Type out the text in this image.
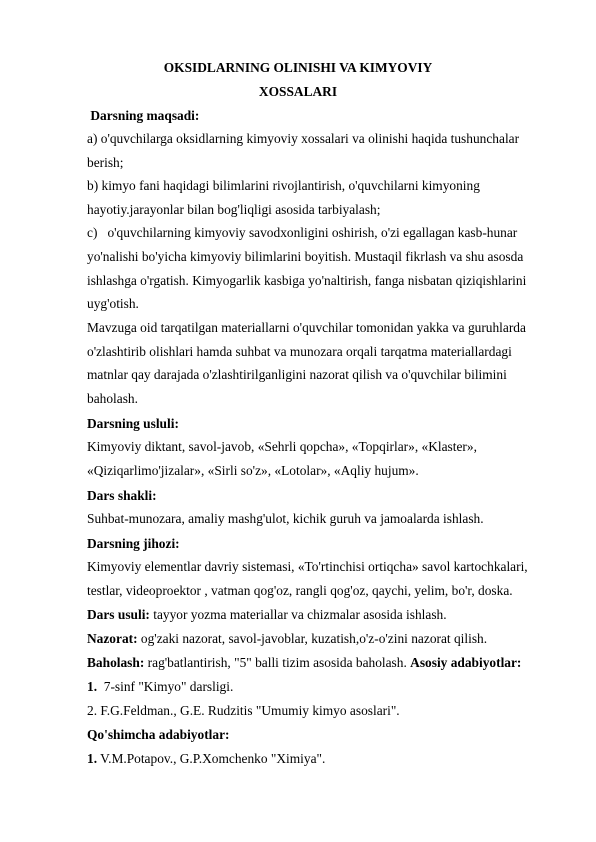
OKSIDLARNING OLINISHI VA KIMYOVIY
XOSSALARI
Darsning maqsadi:
a) o'quvchilarga oksidlarning kimyoviy xossalari va olinishi haqida tushunchalar
berish;
b) kimyo fani haqidagi bilimlarini rivojlantirish, o'quvchilarni kimyoning
hayotiy.jarayonlar bilan bog'liqligi asosida tarbiyalash;
c)   o'quvchilarning kimyoviy savodxonligini oshirish, o'zi egallagan kasb-hunar
yo'nalishi bo'yicha kimyoviy bilimlarini boyitish. Mustaqil fikrlash va shu asosda
ishlashga o'rgatish. Kimyogarlik kasbiga yo'naltirish, fanga nisbatan qiziqishlarini
uyg'otish.
Mavzuga oid tarqatilgan materiallarni o'quvchilar tomonidan yakka va guruhlarda
o'zlashtirib olishlari hamda suhbat va munozara orqali tarqatma materiallardagi
matnlar qay darajada o'zlashtirilganligini nazorat qilish va o'quvchilar bilimini
baholash.
Darsning usluli:
Kimyoviy diktant, savol-javob, «Sehrli qopcha», «Topqirlar», «Klaster»,
«Qiziqarlimo'jizalar», «Sirli so'z», «Lotolar», «Aqliy hujum».
Dars shakli:
Suhbat-munozara, amaliy mashg'ulot, kichik guruh va jamoalarda ishlash.
Darsning jihozi:
Kimyoviy elementlar davriy sistemasi, «To'rtinchisi ortiqcha» savol kartochkalari,
testlar, videoproektor , vatman qog'oz, rangli qog'oz, qaychi, yelim, bo'r, doska.
Dars usuli: tayyor yozma materiallar va chizmalar asosida ishlash.
Nazorat: og'zaki nazorat, savol-javoblar, kuzatish,o'z-o'zini nazorat qilish.
Baholash: rag'batlantirish, "5" balli tizim asosida baholash. Asosiy adabiyotlar:
1.  7-sinf "Kimyo" darsligi.
2. F.G.Feldman., G.E. Rudzitis "Umumiy kimyo asoslari".
Qo'shimcha adabiyotlar:
1. V.M.Potapov., G.P.Xomchenko "Ximiya".
